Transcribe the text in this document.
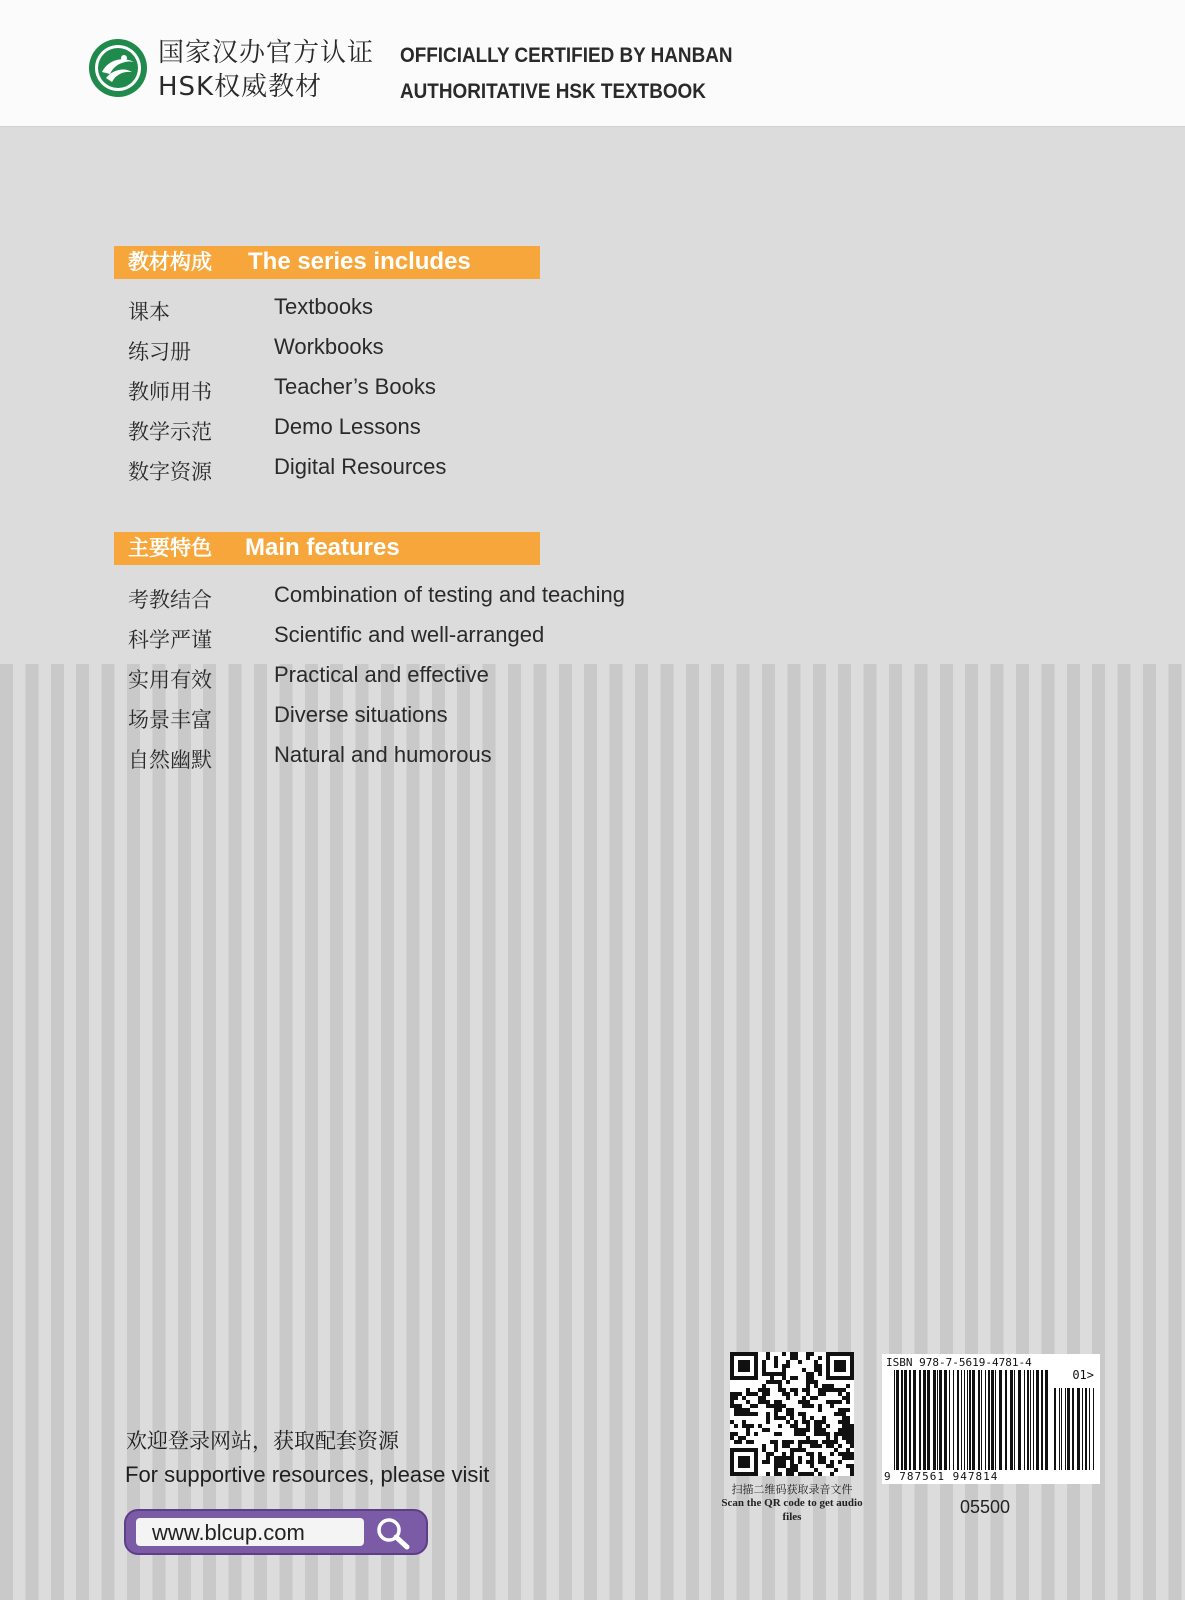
国家汉办官方认证
HSK权威教材
OFFICIALLY CERTIFIED BY HANBAN
AUTHORITATIVE HSK TEXTBOOK
教材构成 The series includes
课本	Textbooks
练习册	Workbooks
教师用书	Teacher’s Books
教学示范	Demo Lessons
数字资源	Digital Resources
主要特色 Main features
考教结合	Combination of testing and teaching
科学严谨	Scientific and well-arranged
实用有效	Practical and effective
场景丰富	Diverse situations
自然幽默	Natural and humorous
欢迎登录网站，获取配套资源
For supportive resources, please visit
www.blcup.com
扫描二维码获取录音文件
Scan the QR code to get audio files
ISBN 978-7-5619-4781-4
01>
9 787561 947814
05500
